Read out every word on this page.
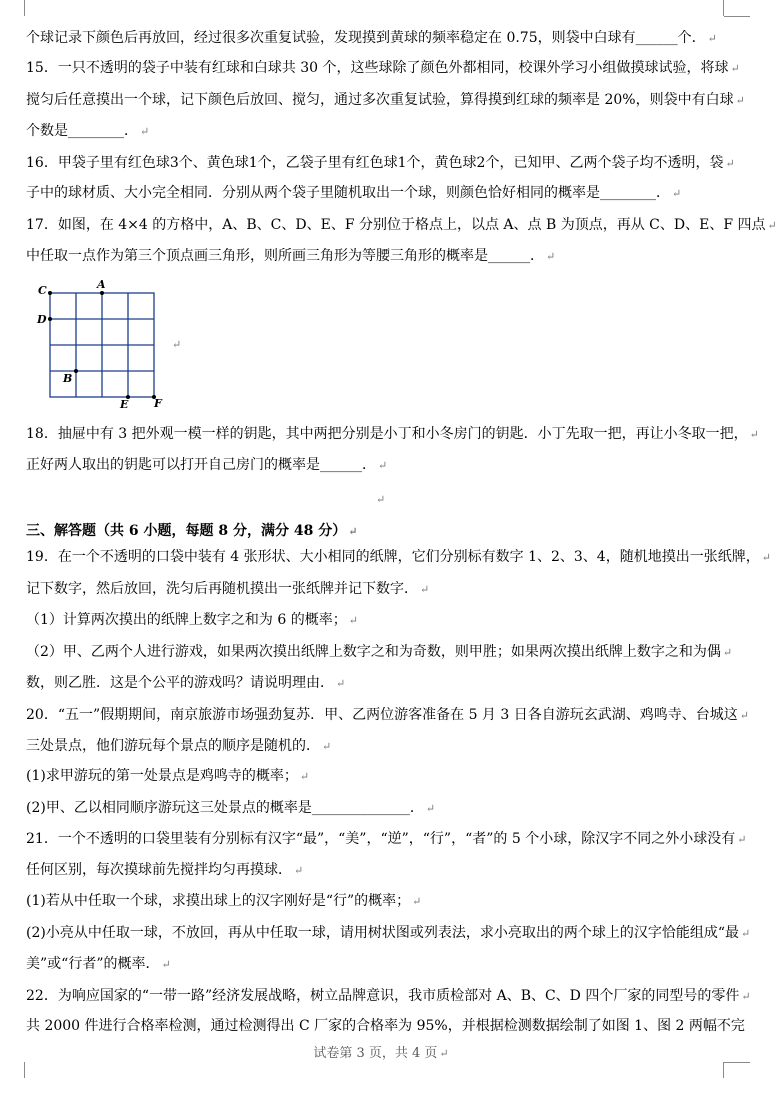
个球记录下颜色后再放回，经过很多次重复试验，发现摸到黄球的频率稳定在 0.75，则袋中白球有______个． ↵
15．一只不透明的袋子中装有红球和白球共 30 个，这些球除了颜色外都相同，校课外学习小组做摸球试验，将球 ↵
搅匀后任意摸出一个球，记下颜色后放回、搅匀，通过多次重复试验，算得摸到红球的频率是 20%，则袋中有白球 ↵
个数是________． ↵
16．甲袋子里有红色球3个、黄色球1个，乙袋子里有红色球1个，黄色球2个，已知甲、乙两个袋子均不透明，袋 ↵
子中的球材质、大小完全相同．分别从两个袋子里随机取出一个球，则颜色恰好相同的概率是________． ↵
17．如图，在 4×4 的方格中，A、B、C、D、E、F 分别位于格点上，以点 A、点 B 为顶点，再从 C、D、E、F 四点 ↵
中任取一点作为第三个顶点画三角形，则所画三角形为等腰三角形的概率是______． ↵
A
B
C
D
E F
↵
18．抽屉中有 3 把外观一模一样的钥匙，其中两把分别是小丁和小冬房门的钥匙．小丁先取一把，再让小冬取一把， ↵
正好两人取出的钥匙可以打开自己房门的概率是______． ↵
↵
三、解答题（共 6 小题，每题 8 分，满分 48 分） ↵
19．在一个不透明的口袋中装有 4 张形状、大小相同的纸牌，它们分别标有数字 1、2、3、4，随机地摸出一张纸牌， ↵
记下数字，然后放回，洗匀后再随机摸出一张纸牌并记下数字． ↵
（1）计算两次摸出的纸牌上数字之和为 6 的概率； ↵
（2）甲、乙两个人进行游戏，如果两次摸出纸牌上数字之和为奇数，则甲胜；如果两次摸出纸牌上数字之和为偶 ↵
数，则乙胜．这是个公平的游戏吗？请说明理由． ↵
20．“五一”假期期间，南京旅游市场强劲复苏．甲、乙两位游客准备在 5 月 3 日各自游玩玄武湖、鸡鸣寺、台城这 ↵
三处景点，他们游玩每个景点的顺序是随机的． ↵
(1)求甲游玩的第一处景点是鸡鸣寺的概率； ↵
(2)甲、乙以相同顺序游玩这三处景点的概率是______________． ↵
21．一个不透明的口袋里装有分别标有汉字“最”，“美”，“逆”，“行”，“者”的 5 个小球，除汉字不同之外小球没有 ↵
任何区别，每次摸球前先搅拌均匀再摸球． ↵
(1)若从中任取一个球，求摸出球上的汉字刚好是“行”的概率； ↵
(2)小亮从中任取一球，不放回，再从中任取一球，请用树状图或列表法，求小亮取出的两个球上的汉字恰能组成“最 ↵
美”或“行者”的概率． ↵
22．为响应国家的“一带一路”经济发展战略，树立品牌意识，我市质检部对 A、B、C、D 四个厂家的同型号的零件 ↵
共 2000 件进行合格率检测，通过检测得出 C 厂家的合格率为 95%，并根据检测数据绘制了如图 1、图 2 两幅不完
试卷第 3 页，共 4 页 ↵
